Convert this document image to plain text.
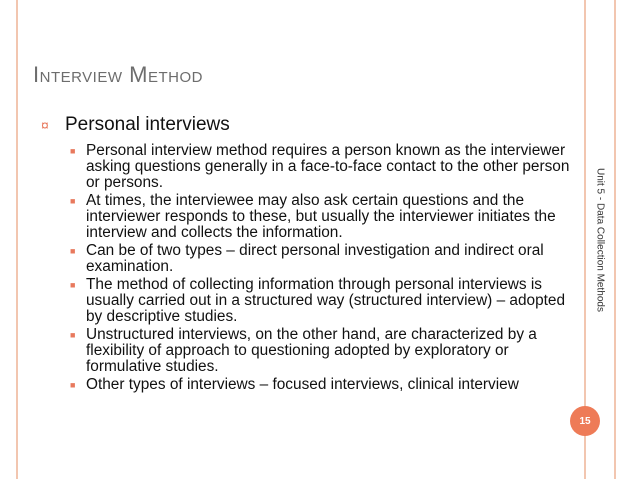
Interview Method
¤ Personal interviews
■ Personal interview method requires a person known as the interviewer asking questions generally in a face-to-face contact to the other person or persons.
■ At times, the interviewee may also ask certain questions and the interviewer responds to these, but usually the interviewer initiates the interview and collects the information.
■ Can be of two types – direct personal investigation and indirect oral examination.
■ The method of collecting information through personal interviews is usually carried out in a structured way (structured interview) – adopted by descriptive studies.
■ Unstructured interviews, on the other hand, are characterized by a flexibility of approach to questioning adopted by exploratory or formulative studies.
■ Other types of interviews – focused interviews, clinical interview
Unit 5 - Data Collection Methods
15
